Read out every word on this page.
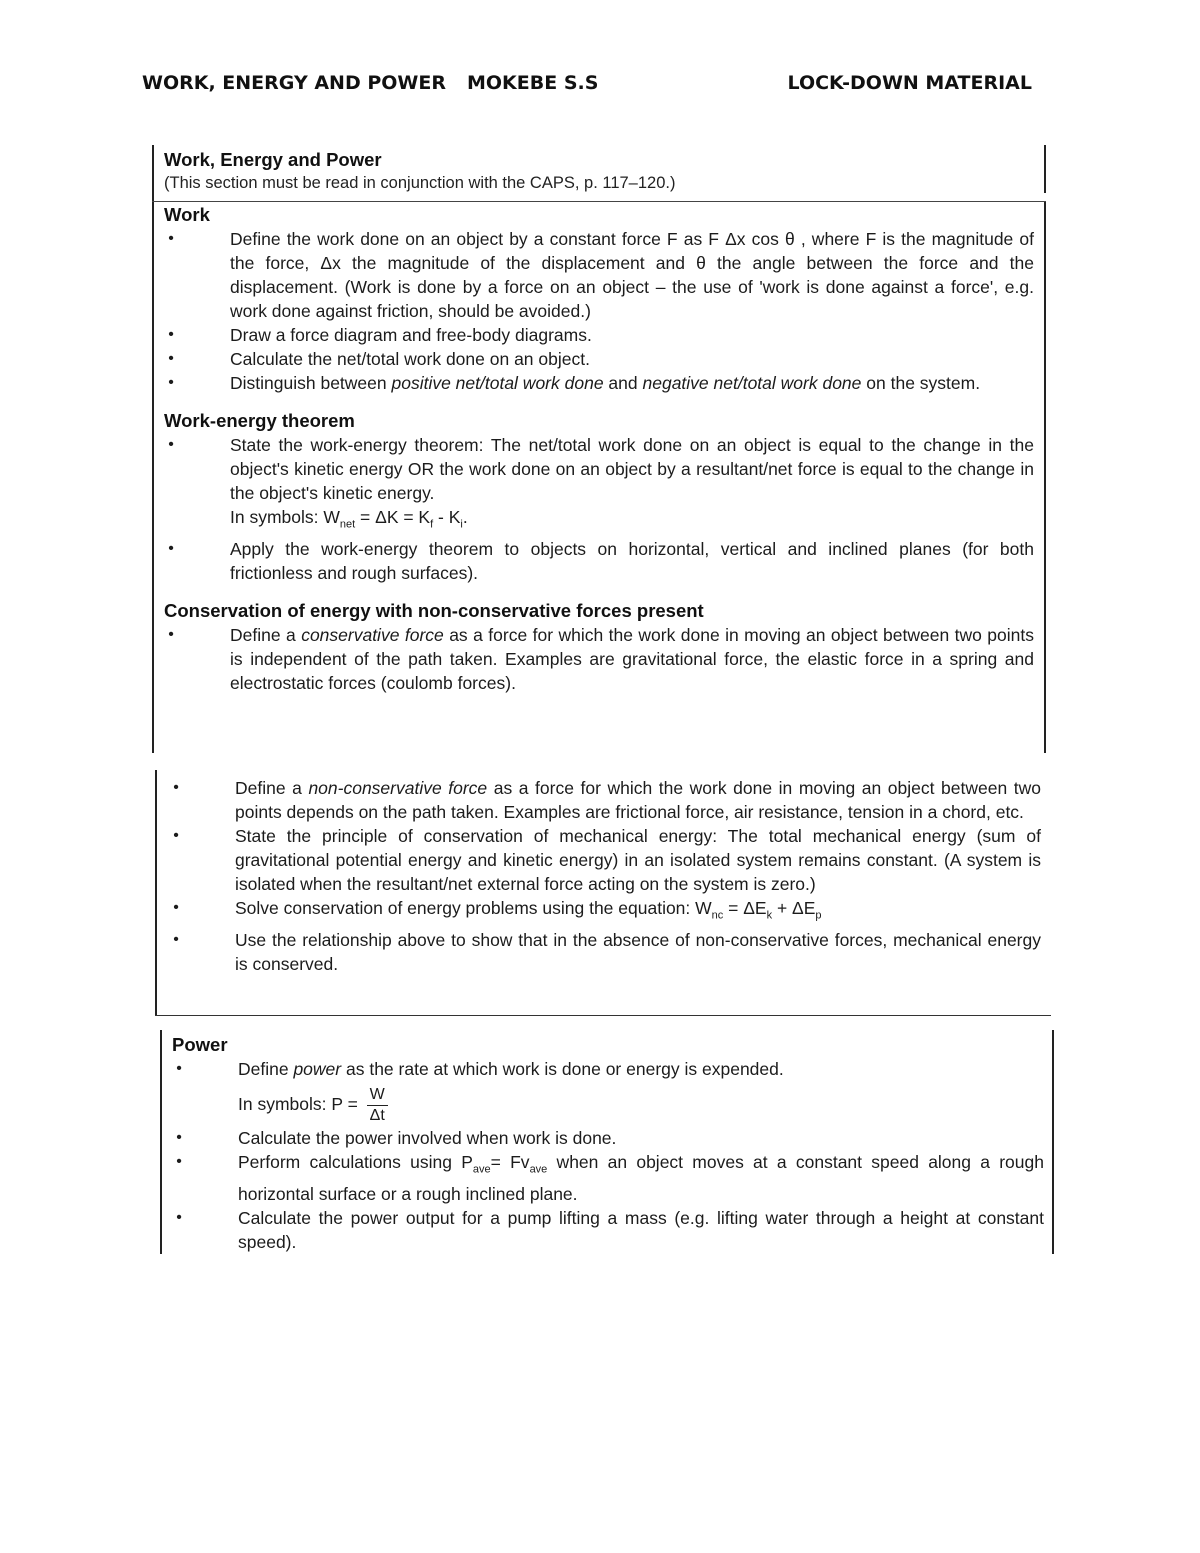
WORK, ENERGY AND POWER MOKEBE S.S	LOCK-DOWN MATERIAL
Work, Energy and Power
(This section must be read in conjunction with the CAPS, p. 117–120.)
Work
•	Define the work done on an object by a constant force F as F Δx cos θ , where F is the magnitude of the force, Δx the magnitude of the displacement and θ the angle between the force and the displacement. (Work is done by a force on an object – the use of 'work is done against a force', e.g. work done against friction, should be avoided.)
•	Draw a force diagram and free-body diagrams.
•	Calculate the net/total work done on an object.
•	Distinguish between positive net/total work done and negative net/total work done on the system.
Work-energy theorem
•	State the work-energy theorem: The net/total work done on an object is equal to the change in the object's kinetic energy OR the work done on an object by a resultant/net force is equal to the change in the object's kinetic energy.
In symbols: $W_{net} = \Delta K = K_f - K_i$.
•	Apply the work-energy theorem to objects on horizontal, vertical and inclined planes (for both frictionless and rough surfaces).
Conservation of energy with non-conservative forces present
•	Define a conservative force as a force for which the work done in moving an object between two points is independent of the path taken. Examples are gravitational force, the elastic force in a spring and electrostatic forces (coulomb forces).
•	Define a non-conservative force as a force for which the work done in moving an object between two points depends on the path taken. Examples are frictional force, air resistance, tension in a chord, etc.
•	State the principle of conservation of mechanical energy: The total mechanical energy (sum of gravitational potential energy and kinetic energy) in an isolated system remains constant. (A system is isolated when the resultant/net external force acting on the system is zero.)
•	Solve conservation of energy problems using the equation: $W_{nc} = \Delta E_k + \Delta E_p$
•	Use the relationship above to show that in the absence of non-conservative forces, mechanical energy is conserved.
Power
•	Define power as the rate at which work is done or energy is expended.
In symbols: $P = \frac{W}{\Delta t}$
•	Calculate the power involved when work is done.
•	Perform calculations using $P_{ave}= Fv_{ave}$ when an object moves at a constant speed along a rough horizontal surface or a rough inclined plane.
•	Calculate the power output for a pump lifting a mass (e.g. lifting water through a height at constant speed).
